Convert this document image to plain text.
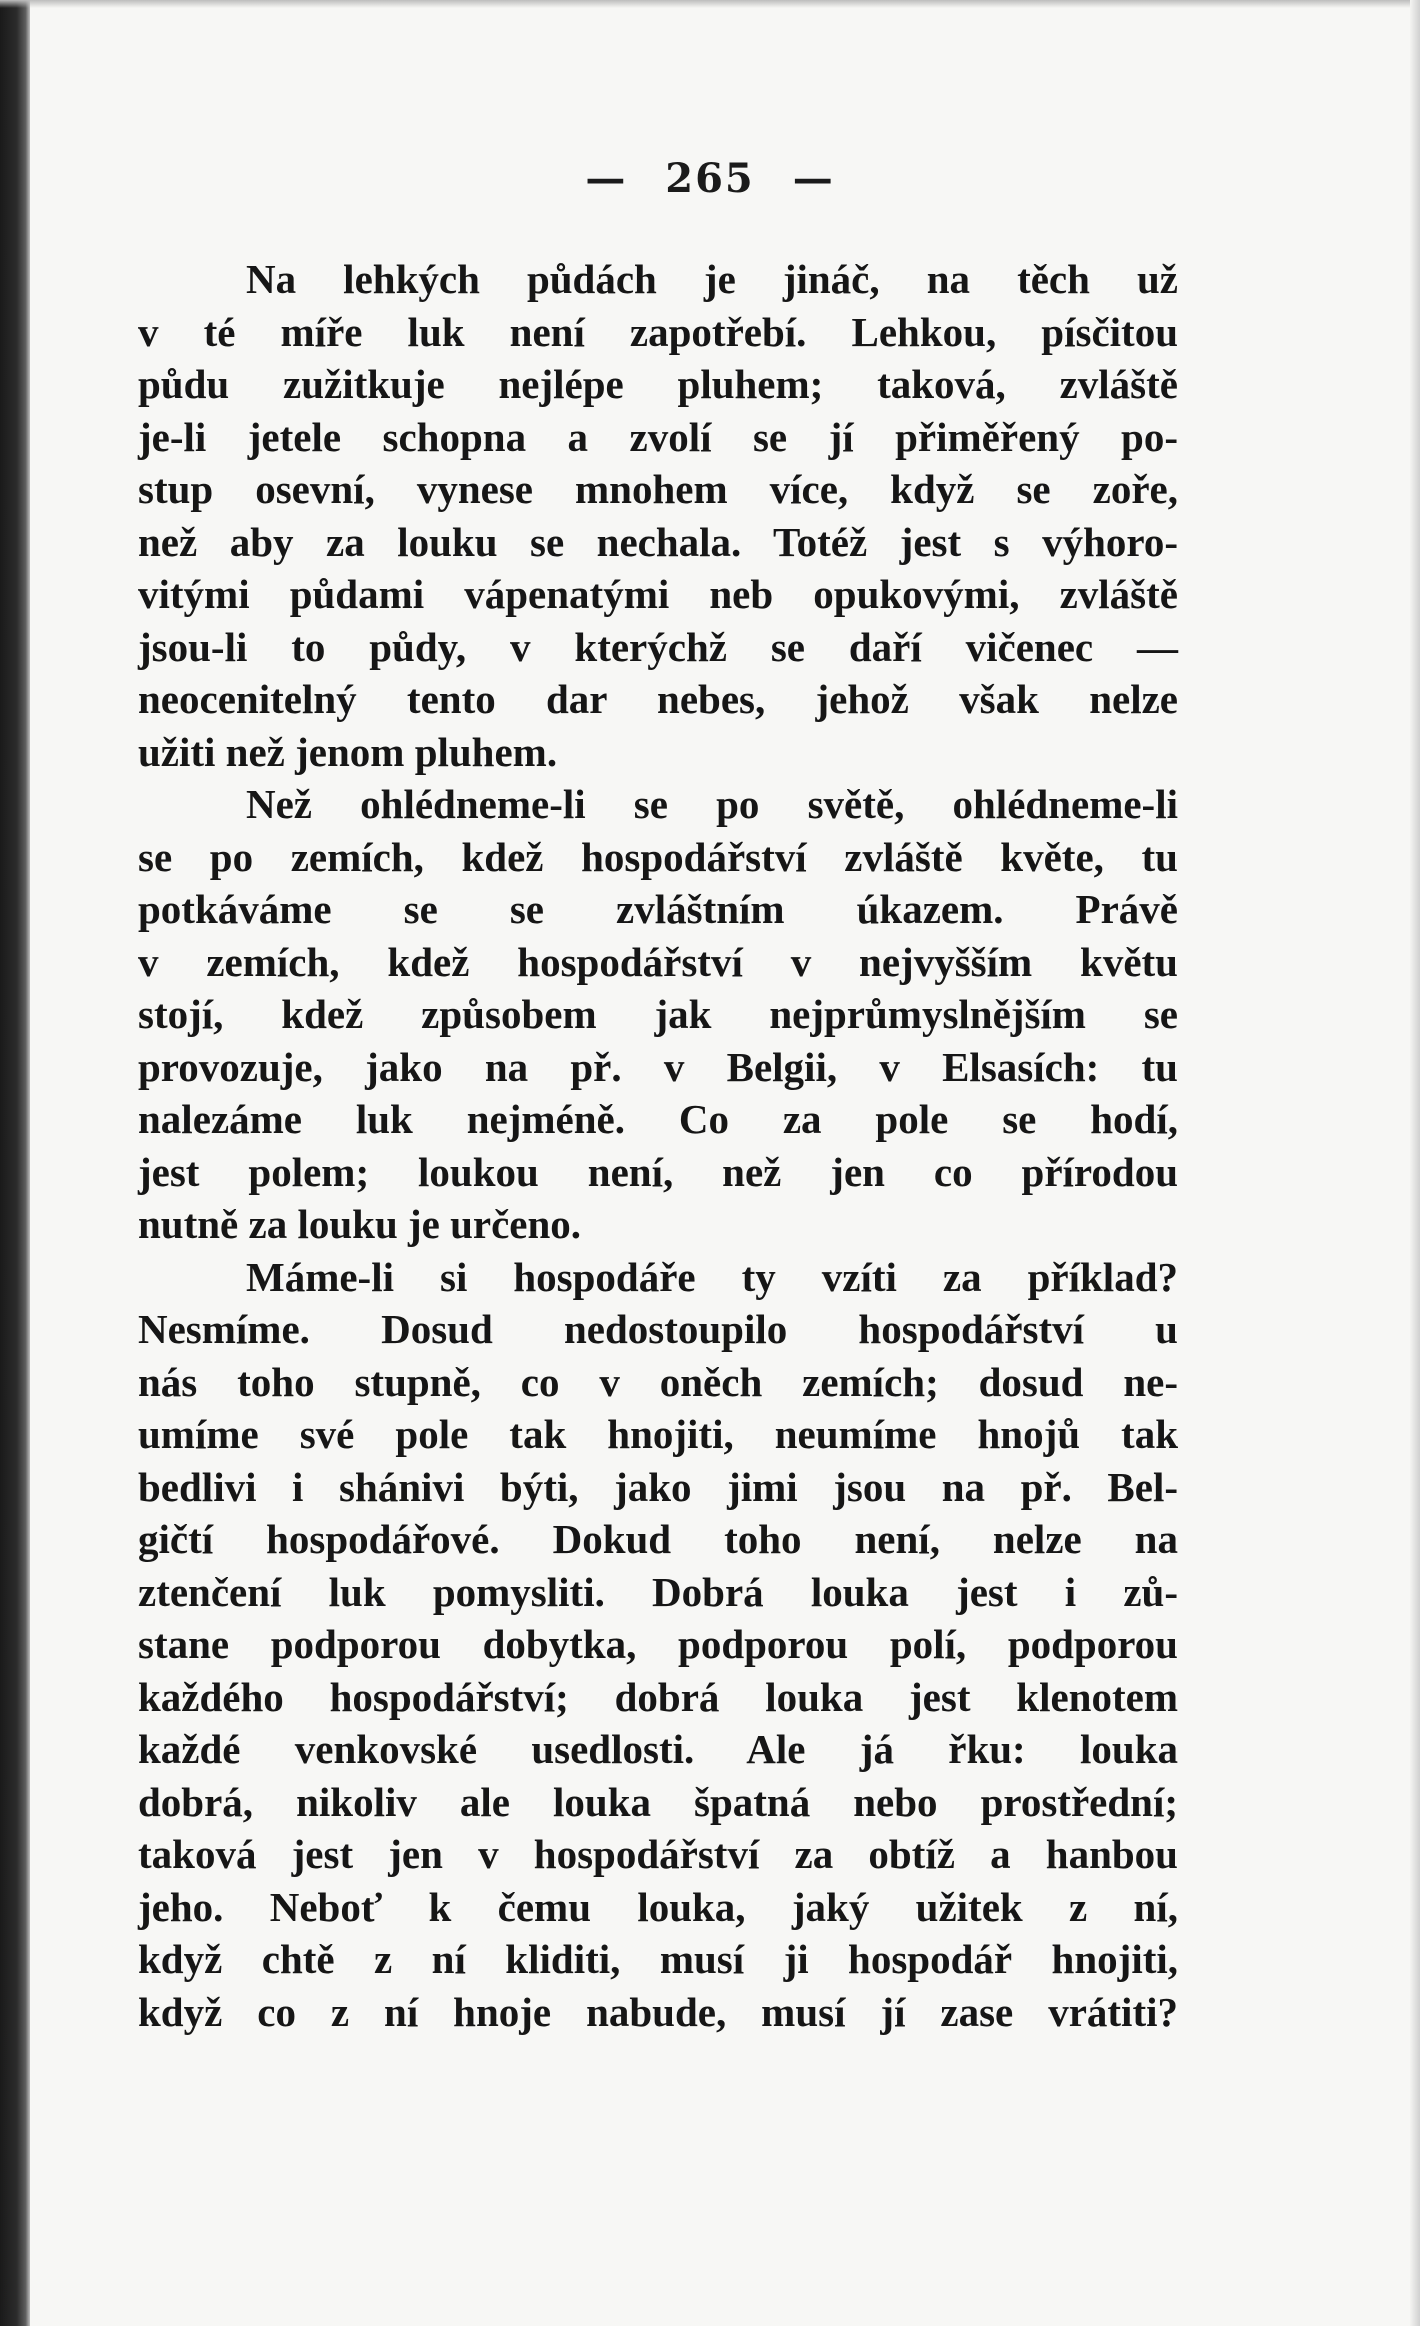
— 265 —
Na lehkých půdách je jináč, na těch už
v té míře luk není zapotřebí. Lehkou, písčitou
půdu zužitkuje nejlépe pluhem; taková, zvláště
je-li jetele schopna a zvolí se jí přiměřený po-
stup osevní, vynese mnohem více, když se zoře,
než aby za louku se nechala. Totéž jest s výhoro-
vitými půdami vápenatými neb opukovými, zvláště
jsou-li to půdy, v kterýchž se daří vičenec —
neocenitelný tento dar nebes, jehož však nelze
užiti než jenom pluhem.
Než ohlédneme-li se po světě, ohlédneme-li
se po zemích, kdež hospodářství zvláště květe, tu
potkáváme se se zvláštním úkazem. Právě
v zemích, kdež hospodářství v nejvyšším květu
stojí, kdež způsobem jak nejprůmyslnějším se
provozuje, jako na př. v Belgii, v Elsasích: tu
nalezáme luk nejméně. Co za pole se hodí,
jest polem; loukou není, než jen co přírodou
nutně za louku je určeno.
Máme-li si hospodáře ty vzíti za příklad?
Nesmíme. Dosud nedostoupilo hospodářství u
nás toho stupně, co v oněch zemích; dosud ne-
umíme své pole tak hnojiti, neumíme hnojů tak
bedlivi i shánivi býti, jako jimi jsou na př. Bel-
gičtí hospodářové. Dokud toho není, nelze na
ztenčení luk pomysliti. Dobrá louka jest i zů-
stane podporou dobytka, podporou polí, podporou
každého hospodářství; dobrá louka jest klenotem
každé venkovské usedlosti. Ale já řku: louka
dobrá, nikoliv ale louka špatná nebo prostřední;
taková jest jen v hospodářství za obtíž a hanbou
jeho. Neboť k čemu louka, jaký užitek z ní,
když chtě z ní kliditi, musí ji hospodář hnojiti,
když co z ní hnoje nabude, musí jí zase vrátiti?
